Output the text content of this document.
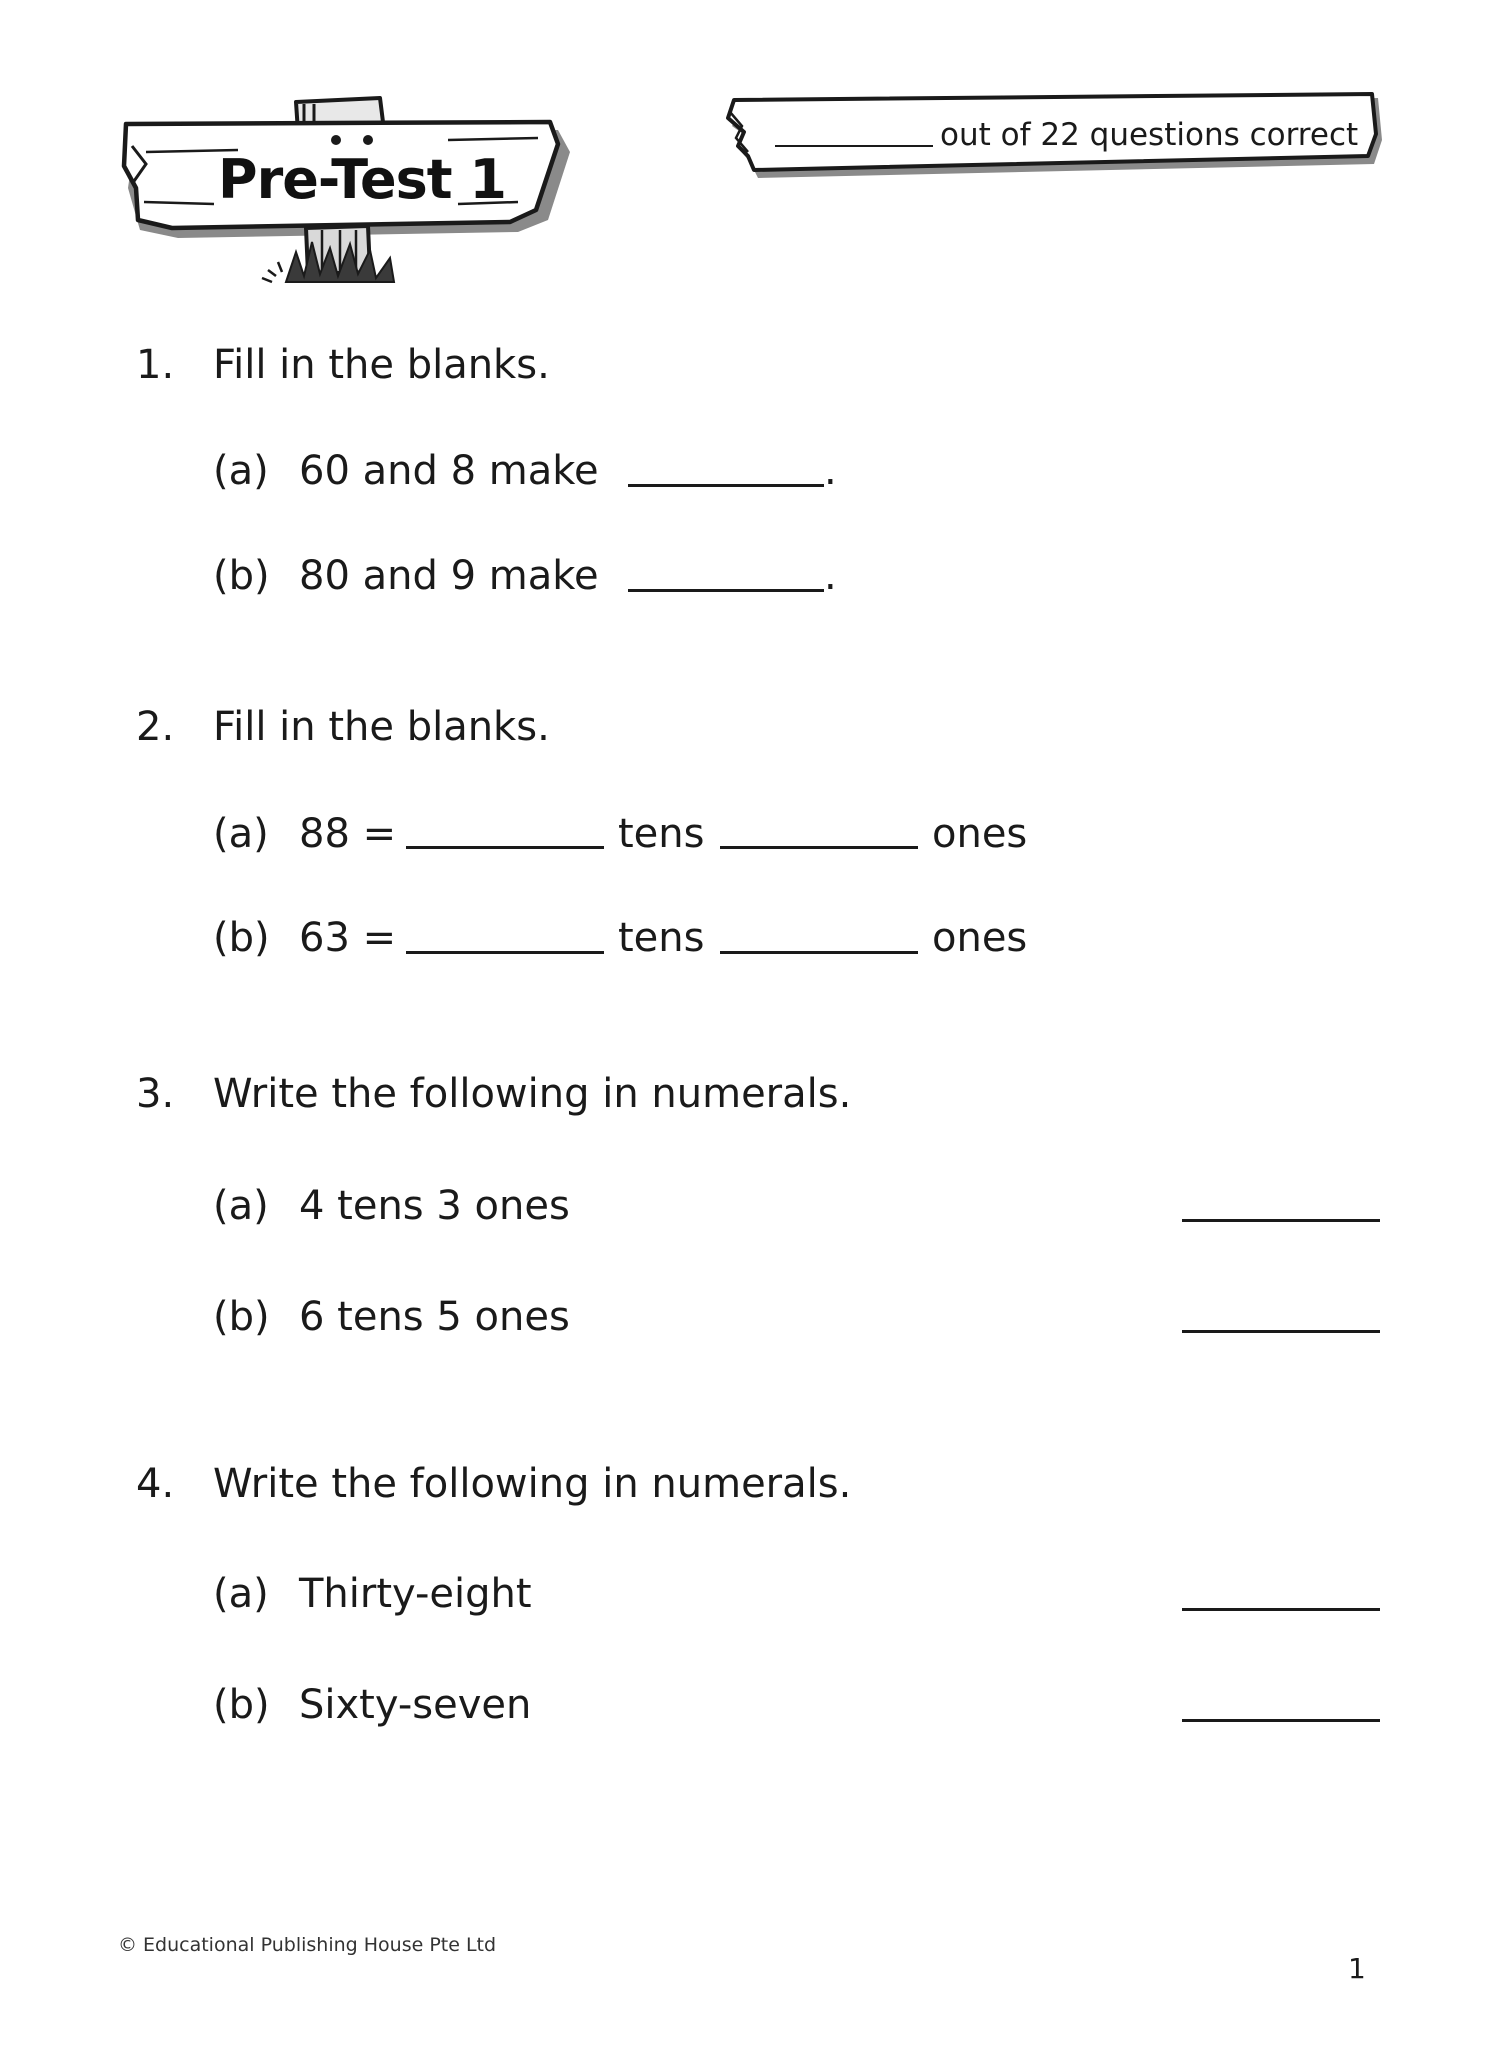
Pre-Test 1
out of 22 questions correct
1. Fill in the blanks.
(a) 60 and 8 make	.
(b) 80 and 9 make	.
2. Fill in the blanks.
(a) 88 =	tens	ones
(b) 63 =	tens	ones
3. Write the following in numerals.
(a) 4 tens 3 ones
(b) 6 tens 5 ones
4. Write the following in numerals.
(a) Thirty-eight
(b) Sixty-seven
© Educational Publishing House Pte Ltd
1
